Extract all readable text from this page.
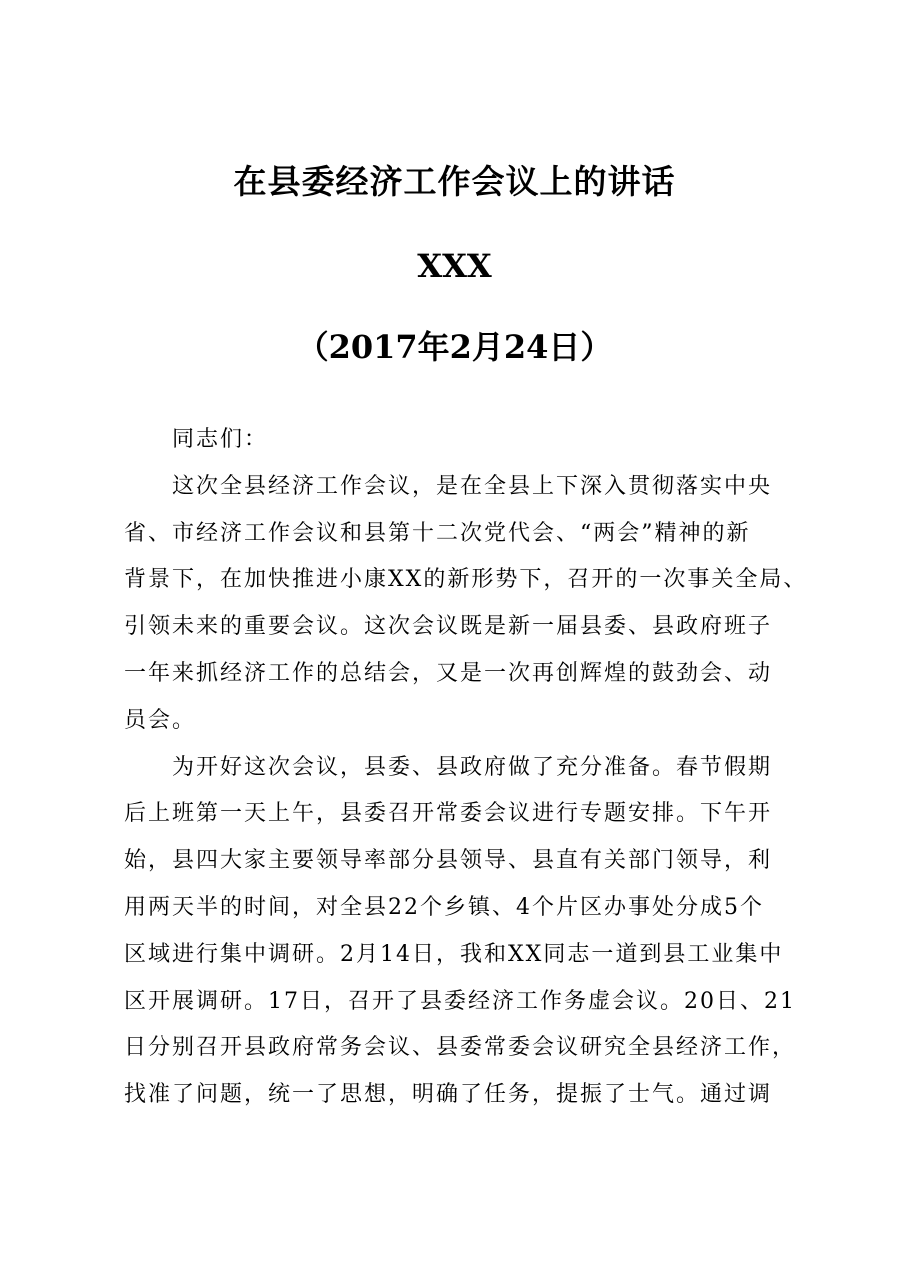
在县委经济工作会议上的讲话
XXX
（2017年2月24日）
同志们：
这次全县经济工作会议，是在全县上下深入贯彻落实中央
省、市经济工作会议和县第十二次党代会、“两会”精神的新
背景下，在加快推进小康XX的新形势下，召开的一次事关全局、
引领未来的重要会议。这次会议既是新一届县委、县政府班子
一年来抓经济工作的总结会，又是一次再创辉煌的鼓劲会、动
员会。
为开好这次会议，县委、县政府做了充分准备。春节假期
后上班第一天上午，县委召开常委会议进行专题安排。下午开
始，县四大家主要领导率部分县领导、县直有关部门领导，利
用两天半的时间，对全县22个乡镇、4个片区办事处分成5个
区域进行集中调研。2月14日，我和XX同志一道到县工业集中
区开展调研。17日，召开了县委经济工作务虚会议。20日、21
日分别召开县政府常务会议、县委常委会议研究全县经济工作，
找准了问题，统一了思想，明确了任务，提振了士气。通过调
